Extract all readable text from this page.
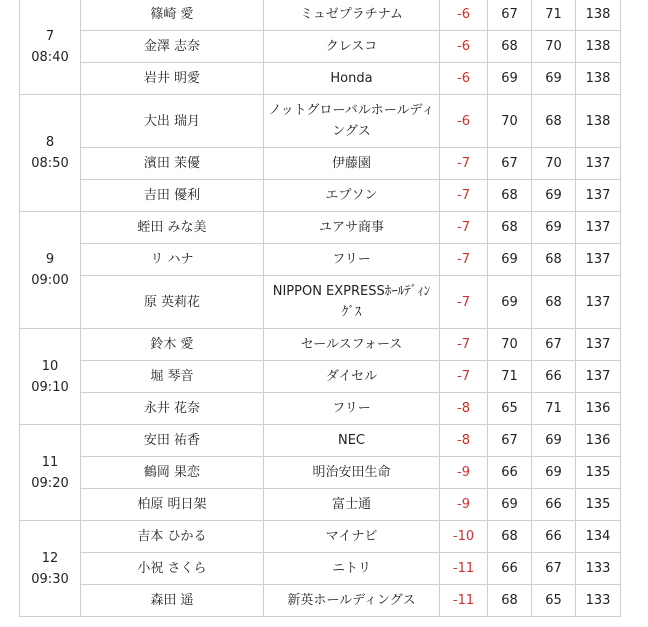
7
08:40	篠崎 愛	ミュゼプラチナム	-6	67	71	138
	金澤 志奈	クレスコ	-6	68	70	138
	岩井 明愛	Honda	-6	69	69	138

8
08:50	大出 瑞月	ノットグローバルホールディングス	-6	70	68	138
	濱田 茉優	伊藤園	-7	67	70	137
	吉田 優利	エプソン	-7	68	69	137

9
09:00	蛭田 みな美	ユアサ商事	-7	68	69	137
	リ ハナ	フリー	-7	69	68	137
	原 英莉花	NIPPON EXPRESSﾎｰﾙﾃﾞｨﾝｸﾞｽ	-7	69	68	137

10
09:10	鈴木 愛	セールスフォース	-7	70	67	137
	堀 琴音	ダイセル	-7	71	66	137
	永井 花奈	フリー	-8	65	71	136

11
09:20	安田 祐香	NEC	-8	67	69	136
	鶴岡 果恋	明治安田生命	-9	66	69	135
	柏原 明日架	富士通	-9	69	66	135

12
09:30	吉本 ひかる	マイナビ	-10	68	66	134
	小祝 さくら	ニトリ	-11	66	67	133
	森田 遥	新英ホールディングス	-11	68	65	133
